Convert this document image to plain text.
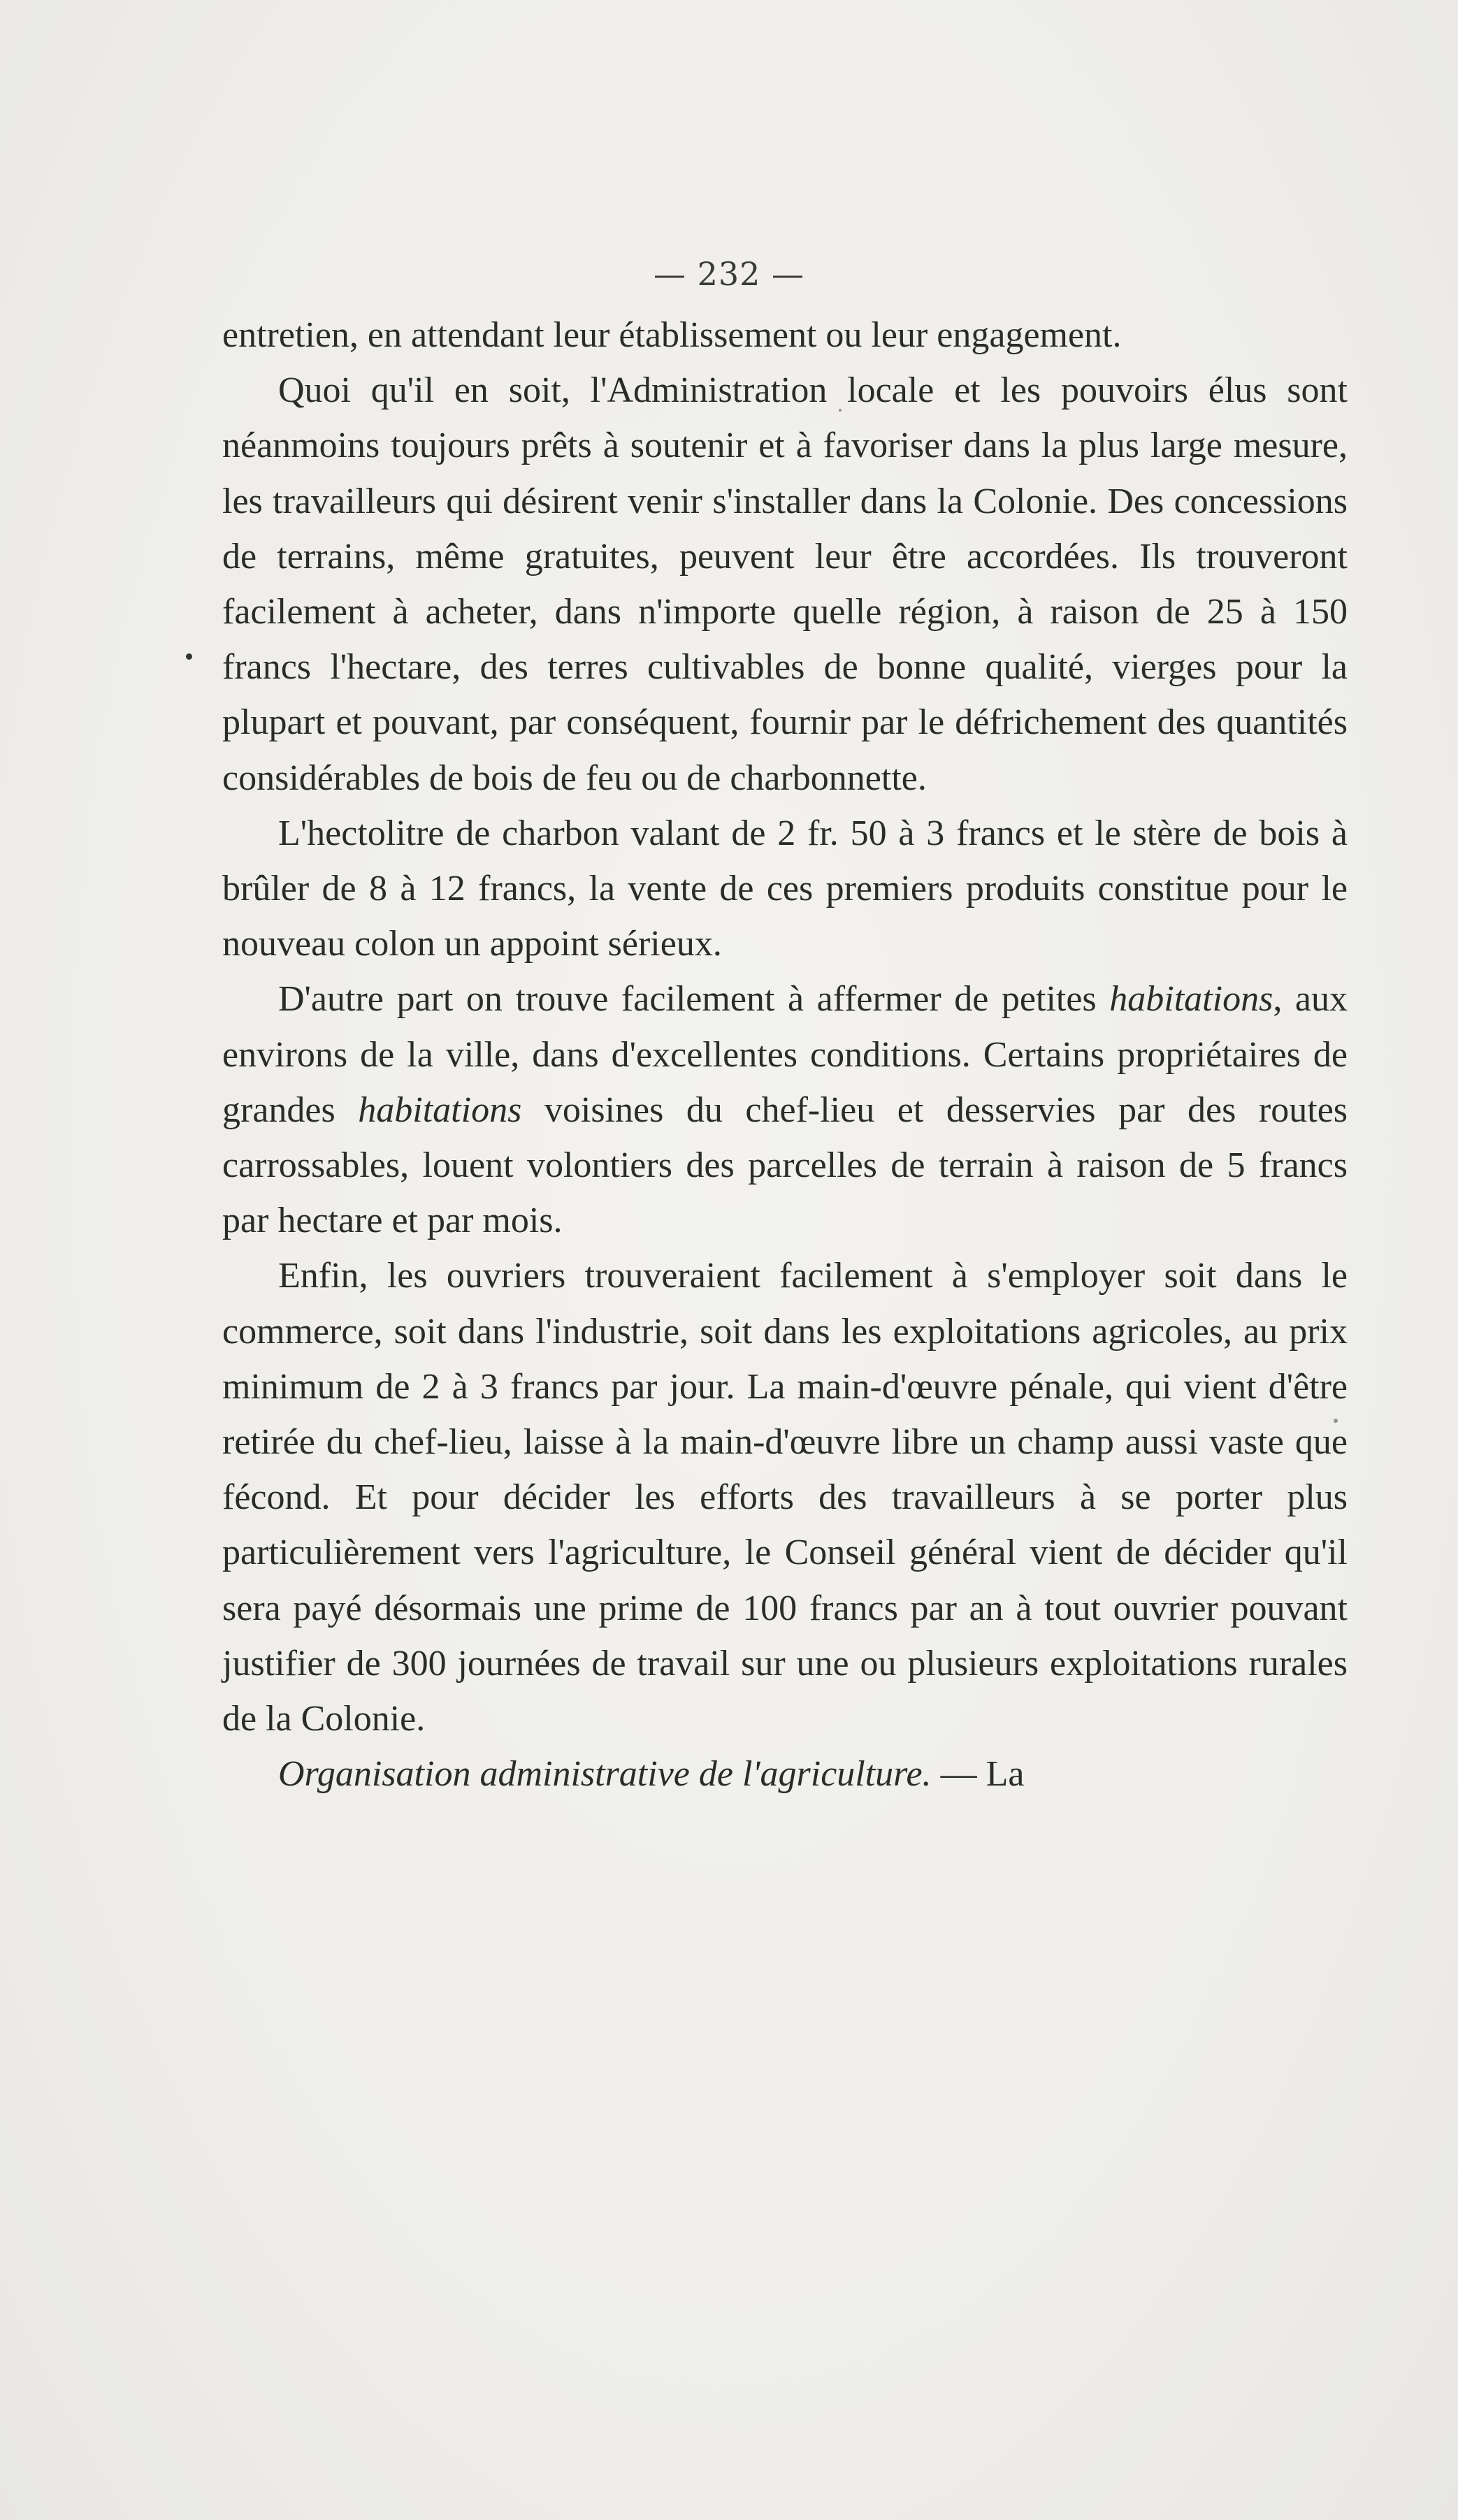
— 232 —

entretien, en attendant leur établissement ou leur engagement.

Quoi qu'il en soit, l'Administration locale et les pouvoirs élus sont néanmoins toujours prêts à soutenir et à favoriser dans la plus large mesure, les travailleurs qui désirent venir s'installer dans la Colonie. Des concessions de terrains, même gratuites, peuvent leur être accordées. Ils trouveront facilement à acheter, dans n'importe quelle région, à raison de 25 à 150 francs l'hectare, des terres cultivables de bonne qualité, vierges pour la plupart et pouvant, par conséquent, fournir par le défrichement des quantités considérables de bois de feu ou de charbonnette.

L'hectolitre de charbon valant de 2 fr. 50 à 3 francs et le stère de bois à brûler de 8 à 12 francs, la vente de ces premiers produits constitue pour le nouveau colon un appoint sérieux.

D'autre part on trouve facilement à affermer de petites habitations, aux environs de la ville, dans d'excellentes conditions. Certains propriétaires de grandes habitations voisines du chef-lieu et desservies par des routes carrossables, louent volontiers des parcelles de terrain à raison de 5 francs par hectare et par mois.

Enfin, les ouvriers trouveraient facilement à s'employer soit dans le commerce, soit dans l'industrie, soit dans les exploitations agricoles, au prix minimum de 2 à 3 francs par jour. La main-d'œuvre pénale, qui vient d'être retirée du chef-lieu, laisse à la main-d'œuvre libre un champ aussi vaste que fécond. Et pour décider les efforts des travailleurs à se porter plus particulièrement vers l'agriculture, le Conseil général vient de décider qu'il sera payé désormais une prime de 100 francs par an à tout ouvrier pouvant justifier de 300 journées de travail sur une ou plusieurs exploitations rurales de la Colonie.

Organisation administrative de l'agriculture. — La
